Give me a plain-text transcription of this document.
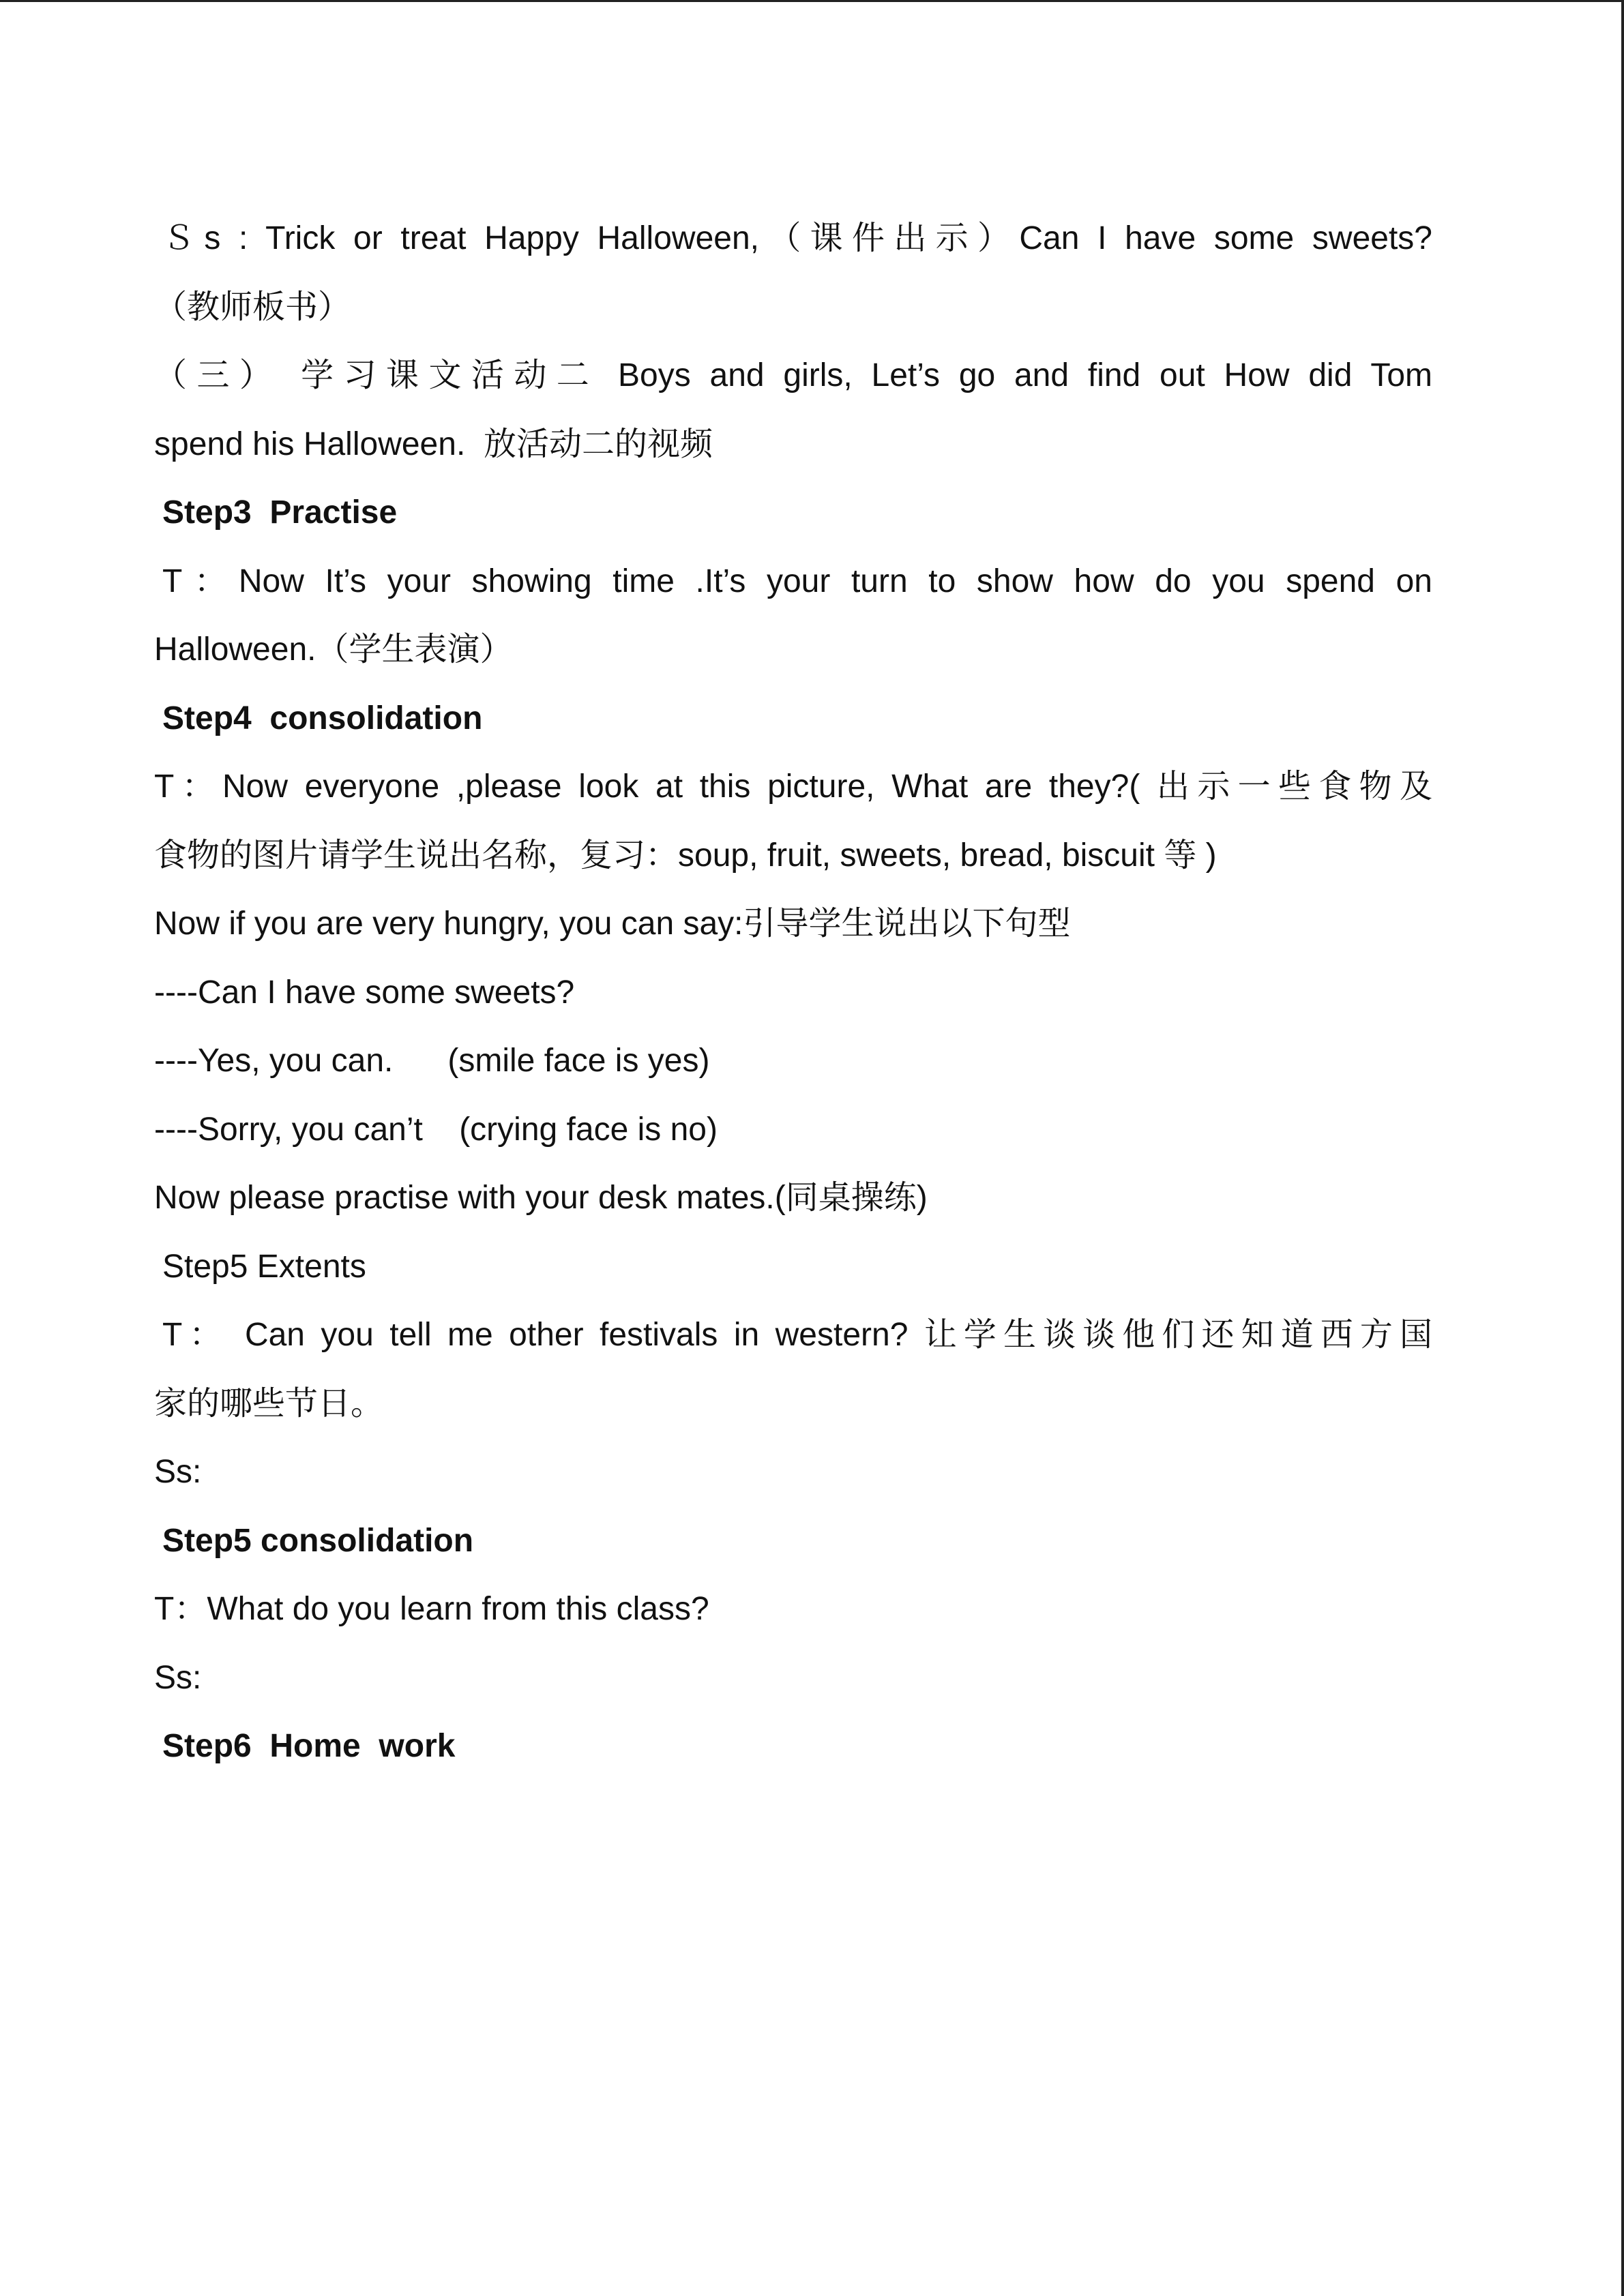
Ｓs : Trick or treat Happy Halloween,（课件出示）Can I have some sweets?
（教师板书）
（三） 学习课文活动二 Boys and girls, Let’s go and find out How did Tom
spend his Halloween.  放活动二的视频
Step3  Practise
T：Now It’s your showing time .It’s your turn to show how do you spend on
Halloween.（学生表演）
Step4  consolidation
T：Now everyone ,please look at this picture, What are they?( 出示一些食物及
食物的图片请学生说出名称，复习：soup, fruit, sweets, bread, biscuit 等 )
Now if you are very hungry, you can say:引导学生说出以下句型
----Can I have some sweets?
----Yes, you can.      (smile face is yes)
----Sorry, you can’t    (crying face is no)
Now please practise with your desk mates.(同桌操练)
Step5 Extents
T： Can you tell me other festivals in western? 让学生谈谈他们还知道西方国
家的哪些节日。
Ss:
Step5 consolidation
T：What do you learn from this class?
Ss:
Step6  Home  work
